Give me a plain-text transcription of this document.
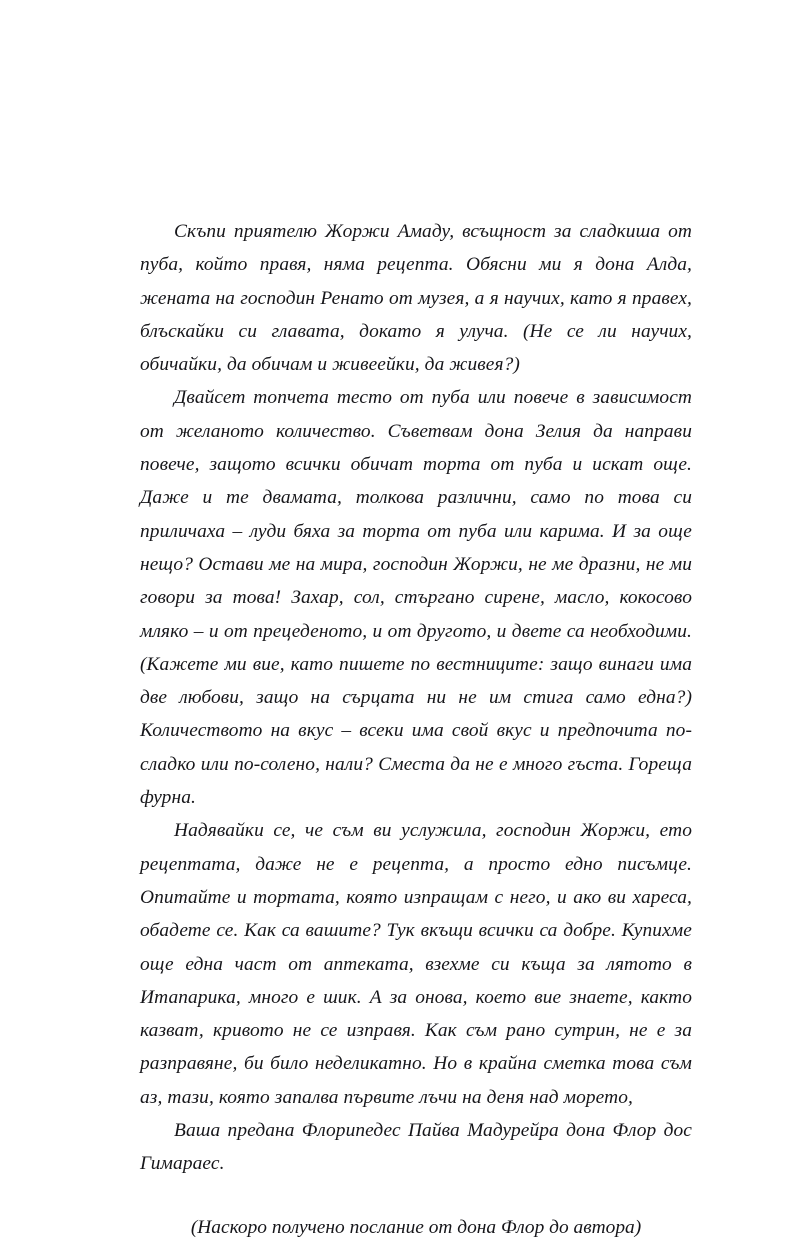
Скъпи приятелю Жоржи Амаду, всъщност за сладкиша от пуба, който правя, няма рецепта. Обясни ми я дона Алда, жената на господин Ренато от музея, а я научих, като я правех, блъскайки си главата, докато я улуча. (Не се ли научих, обичайки, да обичам и живеейки, да живея?)

Двайсет топчета тесто от пуба или повече в зависимост от желаното количество. Съветвам дона Зелия да направи повече, защото всички обичат торта от пуба и искат още. Даже и те двамата, толкова различни, само по това си приличаха – луди бяха за торта от пуба или карима. И за още нещо? Остави ме на мира, господин Жоржи, не ме дразни, не ми говори за това! Захар, сол, стъргано сирене, масло, кокосово мляко – и от прецеденото, и от другото, и двете са необходими. (Кажете ми вие, като пишете по вестниците: защо винаги има две любови, защо на сърцата ни не им стига само една?) Количеството на вкус – всеки има свой вкус и предпочита по-сладко или по-солено, нали? Сместа да не е много гъста. Гореща фурна.

Надявайки се, че съм ви услужила, господин Жоржи, ето рецептата, даже не е рецепта, а просто едно писъмце. Опитайте и тортата, която изпращам с него, и ако ви хареса, обадете се. Как са вашите? Тук вкъщи всички са добре. Купихме още една част от аптеката, взехме си къща за лятото в Итапарика, много е шик. А за онова, което вие знаете, както казват, кривото не се изправя. Как съм рано сутрин, не е за разправяне, би било неделикатно. Но в крайна сметка това съм аз, тази, която запалва първите лъчи на деня над морето,

Ваша предана Флорипедес Пайва Мадурейра дона Флор дос Гимараес.

(Наскоро получено послание от дона Флор до автора)
